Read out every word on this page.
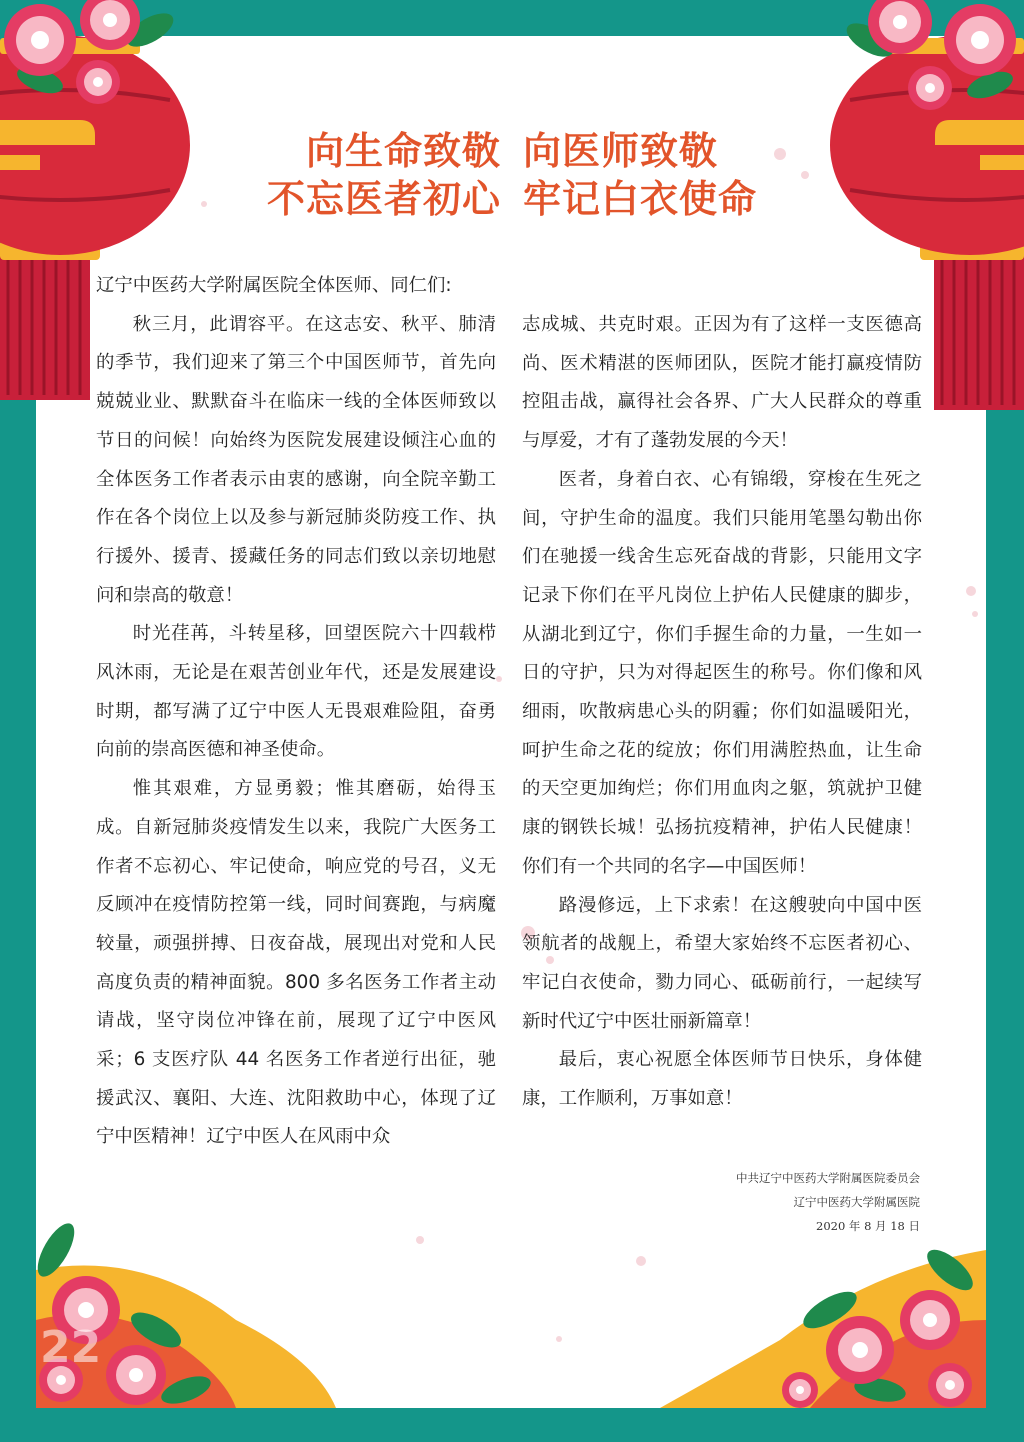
22
向生命致敬 向医师致敬
不忘医者初心 牢记白衣使命

辽宁中医药大学附属医院全体医师、同仁们:

秋三月，此谓容平。在这志安、秋平、肺清的季节，我们迎来了第三个中国医师节，首先向兢兢业业、默默奋斗在临床一线的全体医师致以节日的问候！向始终为医院发展建设倾注心血的全体医务工作者表示由衷的感谢，向全院辛勤工作在各个岗位上以及参与新冠肺炎防疫工作、执行援外、援青、援藏任务的同志们致以亲切地慰问和崇高的敬意！

时光荏苒，斗转星移，回望医院六十四载栉风沐雨，无论是在艰苦创业年代，还是发展建设时期，都写满了辽宁中医人无畏艰难险阻，奋勇向前的崇高医德和神圣使命。

惟其艰难，方显勇毅；惟其磨砺，始得玉成。自新冠肺炎疫情发生以来，我院广大医务工作者不忘初心、牢记使命，响应党的号召，义无反顾冲在疫情防控第一线，同时间赛跑，与病魔较量，顽强拼搏、日夜奋战，展现出对党和人民高度负责的精神面貌。800 多名医务工作者主动请战，坚守岗位冲锋在前，展现了辽宁中医风采；6 支医疗队 44 名医务工作者逆行出征，驰援武汉、襄阳、大连、沈阳救助中心，体现了辽宁中医精神！辽宁中医人在风雨中众

志成城、共克时艰。正因为有了这样一支医德高尚、医术精湛的医师团队，医院才能打赢疫情防控阻击战，赢得社会各界、广大人民群众的尊重与厚爱，才有了蓬勃发展的今天！

医者，身着白衣、心有锦缎，穿梭在生死之间，守护生命的温度。我们只能用笔墨勾勒出你们在驰援一线舍生忘死奋战的背影，只能用文字记录下你们在平凡岗位上护佑人民健康的脚步，从湖北到辽宁，你们手握生命的力量，一生如一日的守护，只为对得起医生的称号。你们像和风细雨，吹散病患心头的阴霾；你们如温暖阳光，呵护生命之花的绽放；你们用满腔热血，让生命的天空更加绚烂；你们用血肉之躯，筑就护卫健康的钢铁长城！弘扬抗疫精神，护佑人民健康！你们有一个共同的名字—中国医师！

路漫修远，上下求索！在这艘驶向中国中医领航者的战舰上，希望大家始终不忘医者初心、牢记白衣使命，勠力同心、砥砺前行，一起续写新时代辽宁中医壮丽新篇章！

最后，衷心祝愿全体医师节日快乐，身体健康，工作顺利，万事如意！

中共辽宁中医药大学附属医院委员会
辽宁中医药大学附属医院
2020 年 8 月 18 日
